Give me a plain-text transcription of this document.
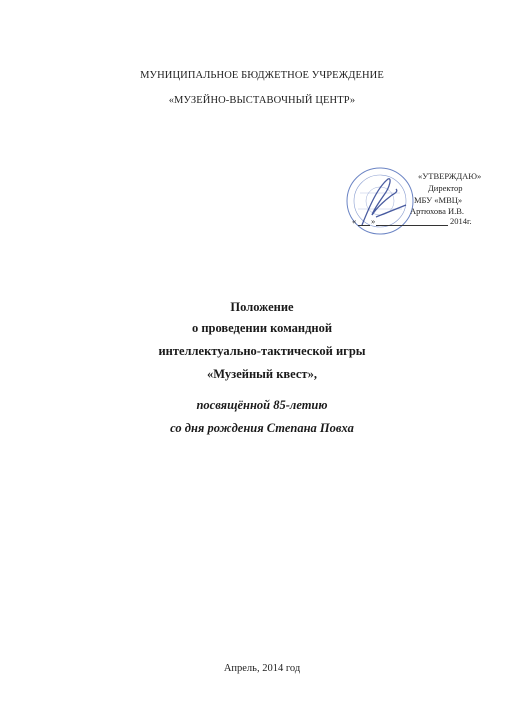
МУНИЦИПАЛЬНОЕ БЮДЖЕТНОЕ УЧРЕЖДЕНИЕ
«МУЗЕЙНО-ВЫСТАВОЧНЫЙ ЦЕНТР»
«УТВЕРЖДАЮ»
Директор
МБУ «МВЦ»
Артюхова И.В.
« »	2014г.
Положение
о проведении командной
интеллектуально-тактической игры
«Музейный квест»,
посвящённой 85-летию
со дня рождения Степана Повха
Апрель, 2014 год
